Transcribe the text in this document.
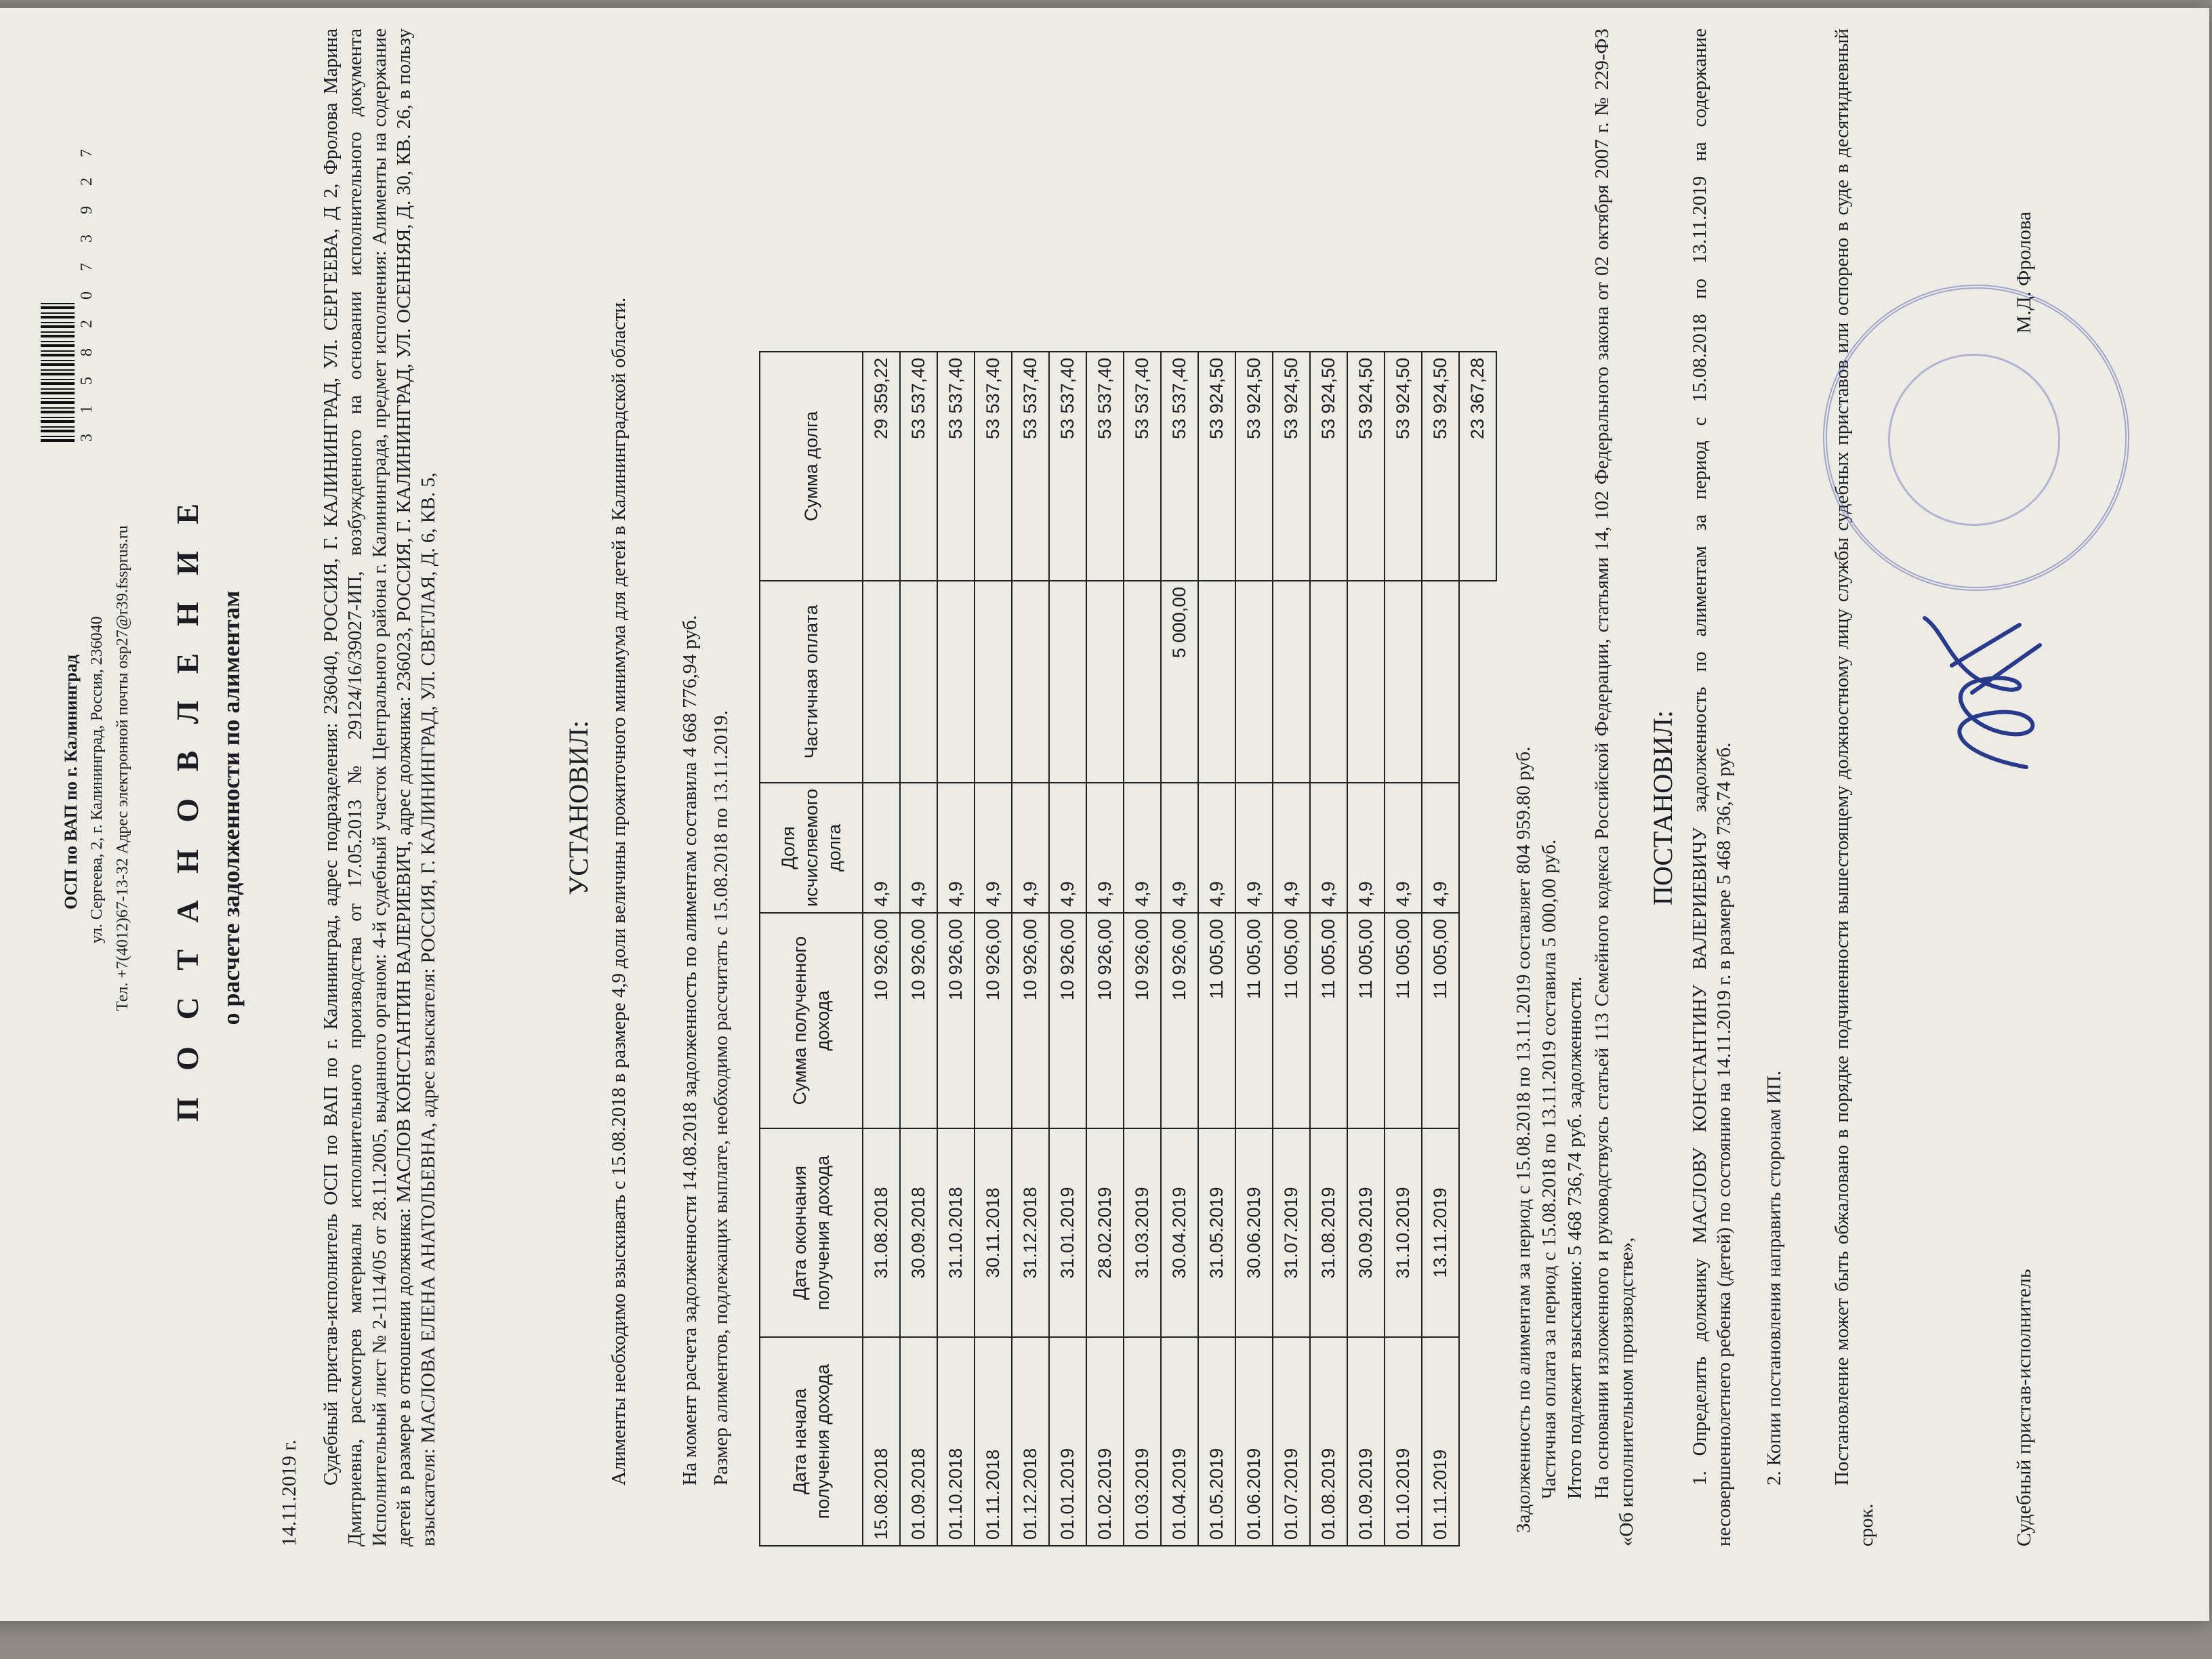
ОСП по ВАП по г. Калининград ул. Сергеева, 2, г. Калининград, Россия, 236040 Тел. +7(4012)67-13-32 Адрес электронной почты osp27@r39.fssprus.ru
3 1 5 8 2 0 7 3 9 2 7
П О С Т А Н О В Л Е Н И Е о расчете задолженности по алиментам
14.11.2019 г.
Судебный пристав-исполнитель ОСП по ВАП по г. Калининград, адрес подразделения: 236040, РОССИЯ, Г. КАЛИНИНГРАД, УЛ. СЕРГЕЕВА, Д 2, Фролова Марина Дмитриевна, рассмотрев материалы исполнительного производства от 17.05.2013 № 29124/16/39027-ИП, возбужденного на основании исполнительного документа Исполнительный лист № 2-1114/05 от 28.11.2005, выданного органом: 4-й судебный участок Центрального района г. Калининграда, предмет исполнения: Алименты на содержание детей в размере в отношении должника: МАСЛОВ КОНСТАНТИН ВАЛЕРИЕВИЧ, адрес должника: 236023, РОССИЯ, Г. КАЛИНИНГРАД, УЛ. ОСЕННЯЯ, Д. 30, КВ. 26, в пользу взыскателя: МАСЛОВА ЕЛЕНА АНАТОЛЬЕВНА, адрес взыскателя: РОССИЯ, Г. КАЛИНИНГРАД, УЛ. СВЕТЛАЯ, Д. 6, КВ. 5,	УСТАНОВИЛ: Алименты необходимо взыскивать с 15.08.2018 в размере 4,9 доли величины прожиточного минимума для детей в Калининградской области.	На момент расчета задолженности 14.08.2018 задолженность по алиментам составила 4 668 776,94 руб. Размер алиментов, подлежащих выплате, необходимо рассчитать с 15.08.2018 по 13.11.2019.	Дата начала получения дохода	Дата окончания получения дохода	Сумма полученного дохода	Доля исчисляемого долга	Частичная оплата	Сумма долга
15.08.2018	31.08.2018	10 926,00	4,9		29 359,22
01.09.2018	30.09.2018	10 926,00	4,9		53 537,40
01.10.2018	31.10.2018	10 926,00	4,9		53 537,40
01.11.2018	30.11.2018	10 926,00	4,9		53 537,40
01.12.2018	31.12.2018	10 926,00	4,9		53 537,40
01.01.2019	31.01.2019	10 926,00	4,9		53 537,40
01.02.2019	28.02.2019	10 926,00	4,9		53 537,40
01.03.2019	31.03.2019	10 926,00	4,9		53 537,40
01.04.2019	30.04.2019	10 926,00	4,9	5 000,00	53 537,40
01.05.2019	31.05.2019	11 005,00	4,9		53 924,50
01.06.2019	30.06.2019	11 005,00	4,9		53 924,50
01.07.2019	31.07.2019	11 005,00	4,9		53 924,50
01.08.2019	31.08.2019	11 005,00	4,9		53 924,50
01.09.2019	30.09.2019	11 005,00	4,9		53 924,50
01.10.2019	31.10.2019	11 005,00	4,9		53 924,50
01.11.2019	13.11.2019	11 005,00	4,9		53 924,50
					23 367,28
Задолженность по алиментам за период с 15.08.2018 по 13.11.2019 составляет 804 959.80 руб. Частичная оплата за период с 15.08.2018 по 13.11.2019 составила 5 000,00 руб. Итого подлежит взысканию: 5 468 736,74 руб. задолженности. На основании изложенного и руководствуясь статьей 113 Семейного кодекса Российской Федерации, статьями 14, 102 Федерального закона от 02 октября 2007 г. № 229-ФЗ «Об исполнительном производстве»,
ПОСТАНОВИЛ: 1. Определить должнику МАСЛОВУ КОНСТАНТИНУ ВАЛЕРИЕВИЧУ задолженность по алиментам за период с 15.08.2018 по 13.11.2019 на содержание несовершеннолетнего ребенка (детей) по состоянию на 14.11.2019 г. в размере 5 468 736,74 руб. 2. Копии постановления направить сторонам ИП. Постановление может быть обжаловано в порядке подчиненности вышестоящему должностному лицу службы судебных приставов или оспорено в суде в десятидневный срок.	Судебный пристав-исполнитель
М.Д. Фролова
